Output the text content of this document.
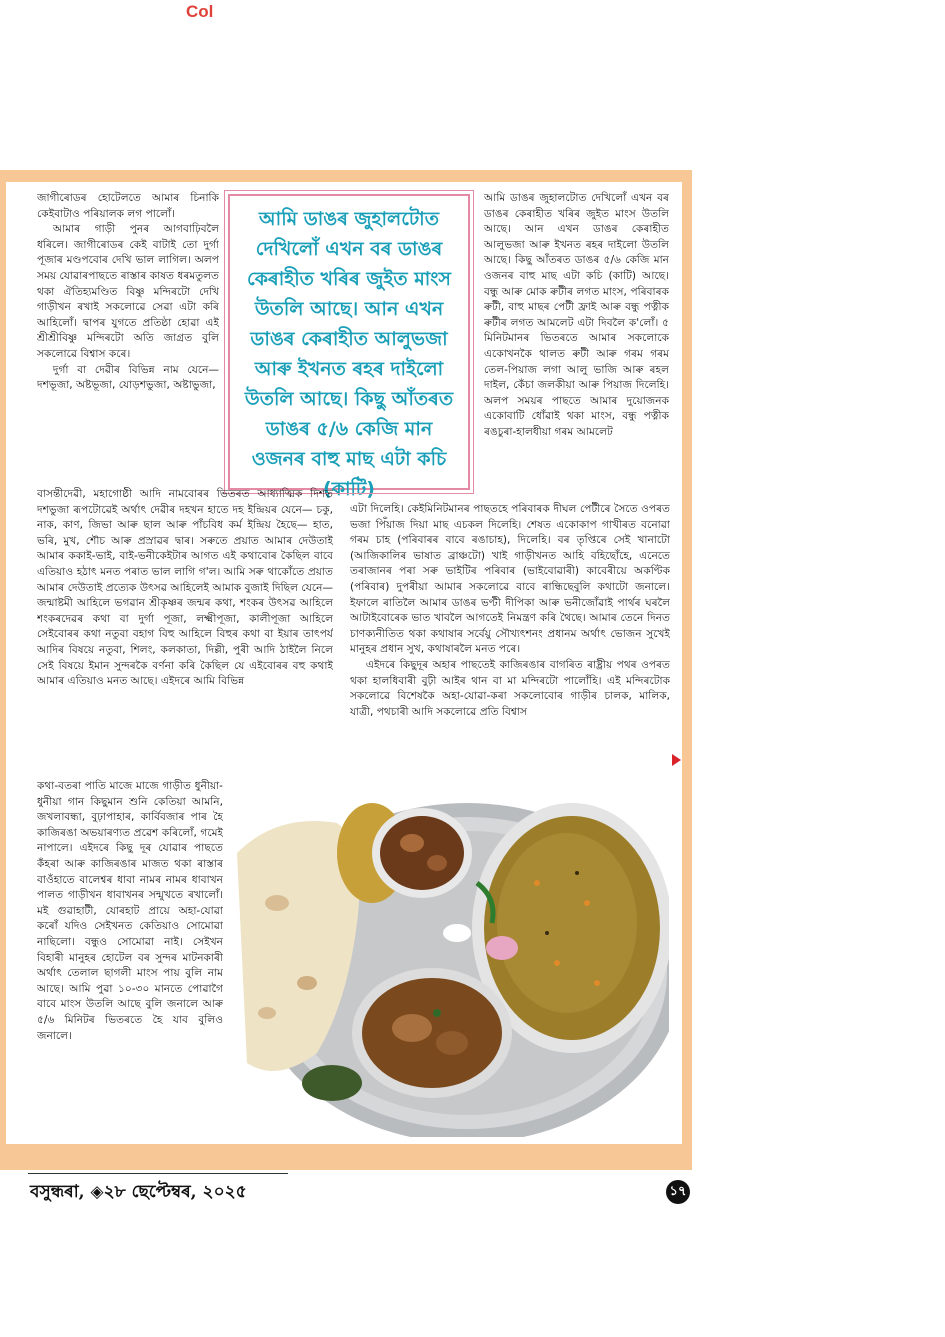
Col

জাগীৰোডৰ হোটেলতে আমাৰ চিনাকি কেইবাটাও পৰিয়ালক লগ পালোঁ।

আমাৰ গাড়ী পুনৰ আগবাঢ়িবলৈ ধৰিলে। জাগীৰোডৰ কেই বাটাই তো দুৰ্গা পূজাৰ মণ্ডপবোৰ দেখি ভাল লাগিল। অলপ সময় যোৱাৰপাছতে ৰাস্তাৰ কাষত ধৰমতুলত থকা ঐতিহ্যমণ্ডিত বিষ্ণু মন্দিৰটো দেখি গাড়ীখন ৰখাই সকলোৱে সেৱা এটা কৰি আহিলোঁ। দ্বাপৰ যুগতে প্ৰতিষ্ঠা হোৱা এই শ্ৰীশ্ৰীবিষ্ণু মন্দিৰটো অতি জাগ্ৰত বুলি সকলোৱে বিশ্বাস কৰে।

দুৰ্গা বা দেৱীৰ বিভিন্ন নাম যেনে— দশভূজা, অষ্টভূজা, যোড়শভুজা, অষ্টাভুজা,

আমি ডাঙৰ জুহালটোত দেখিলোঁ এখন বৰ ডাঙৰ কেৰাহীত খৰিৰ জুইত মাংস উতলি আছে। আন এখন ডাঙৰ কেৰাহীত আলুভজা আৰু ইখনত ৰহৰ দাইলো উতলি আছে। কিছু আঁতৰত ডাঙৰ ৫/৬ কেজি মান ওজনৰ বাহু মাছ এটা কচি (কাটি)

আমি ডাঙৰ জুহালটোত দেখিলোঁ এখন বৰ ডাঙৰ কেৰাহীত খৰিৰ জুইত মাংস উতলি আছে। আন এখন ডাঙৰ কেৰাহীত আলুভজা আৰু ইখনত ৰহৰ দাইলো উতলি আছে। কিছু আঁতৰত ডাঙৰ ৫/৬ কেজি মান ওজনৰ বাহু মাছ এটা কচি (কাটি) আছে। বন্ধু আৰু মোক ৰুটীৰ লগত মাংস, পৰিবাৰক ৰুটী, বাহু মাছৰ পেটী ফ্ৰাই আৰু বন্ধু পত্নীক ৰুটীৰ লগত আমলেট এটা দিবলৈ ক'লোঁ। ৫ মিনিটমানৰ ভিতৰতে আমাৰ সকলোকে একোখনকৈ থালত ৰুটী আৰু গৰম গৰম তেল-পিয়াজ লগা আলু ভাজি আৰু ৰহল দাইল, কেঁচা জলকীয়া আৰু পিয়াজ দিলেহি। অলপ সময়ৰ পাছতে আমাৰ দুয়োজনক একোবাটি ধোঁৱাই থকা মাংস, বন্ধু পত্নীক ৰঙচুৰা-হালধীয়া গৰম আমলেট

বাসন্তীদেৱী, মহাগোষ্ঠী আদি নামবোৰৰ ভিতৰত আধ্যাত্মিক দিশত দশভুজা ৰূপটোৱেই অৰ্থাৎ দেৱীৰ দহখন হাতে দহ ইন্দ্ৰিয়ৰ যেনে— চকু, নাক, কাণ, জিভা আৰু ছাল আৰু পাঁচবিধ কৰ্ম ইন্দ্ৰিয় হৈছে— হাত, ভৰি, মুখ, শৌচ আৰু প্ৰস্ৰাৱৰ দ্বাৰ। সৰুতে প্ৰয়াত আমাৰ দেউতাই আমাৰ ককাই-ভাই, বাই-ভনীকেইটাৰ আগত এই কথাবোৰ কৈছিল বাবে এতিয়াও হঠাৎ মনত পৰাত ভাল লাগি গ'ল। আমি সৰু থাকোঁতে প্ৰয়াত আমাৰ দেউতাই প্ৰত্যেক উৎসৱ আহিলেই আমাক বুজাই দিছিল যেনে— জন্মাষ্টমী আহিলে ভগৱান শ্ৰীকৃষ্ণৰ জন্মৰ কথা, শংকৰ উৎসৱ আহিলে শংকৰদেৱৰ কথা বা দুৰ্গা পূজা, লক্ষ্মীপূজা, কালীপূজা আহিলে সেইবোৰৰ কথা নতুবা বহাগ বিহু আহিলে বিহুৰ কথা বা ইয়াৰ তাৎপৰ্য আদিৰ বিষয়ে নতুবা, শিলং, কলকাতা, দিল্লী, পুৰী আদি ঠাইলৈ নিলে সেই বিষয়ে ইমান সুন্দৰকৈ বৰ্ণনা কৰি কৈছিল যে এইবোৰৰ বহু কথাই আমাৰ এতিয়াও মনত আছে। এইদৰে আমি বিভিন্ন

এটা দিলেহি। কেইমিনিটমানৰ পাছতহে পৰিবাৰক দীঘল পেটীৰে সৈতে ওপৰত ভজা পিঁয়াজ দিয়া মাছ এচকল দিলেহি। শেষত একোকাপ গাখীৰত বনোৱা গৰম চাহ (পৰিবাৰৰ বাবে ৰঙাচাহ), দিলেহি। বৰ তৃপ্তিৰে সেই খানাটো (আজিকালিৰ ভাষাত ব্ৰাঞ্চটো) খাই গাড়ীখনত আহি বহিছোঁহে, এনেতে তৰাজানৰ পৰা সৰু ভাইটিৰ পৰিবাৰ (ভাইবোৱাৰী) কাবেৰীয়ে অকণ্টিক (পৰিবাৰ) দুপৰীয়া আমাৰ সকলোৱে বাবে ৰান্ধিছেবুলি কথাটো জনালে। ইফালে ৰাতিলৈ আমাৰ ডাঙৰ ভণ্টী দীপিকা আৰু ভনীজোঁৱাই পাৰ্থৰ ঘৰলৈ আটাইবোৰেক ভাত খাবলৈ আগতেই নিমন্ত্ৰণ কৰি থৈছে। আমাৰ তেনে দিনত চাণক্যনীতিত থকা কথাষাৰ সৰ্বেয়ু সৌখ্যৎশনং প্ৰধানম অৰ্থাৎ ভোজন সুখেই মানুহৰ প্ৰধান সুখ, কথাষাৰলৈ মনত পৰে।

এইদৰে কিছুদূৰ অহাৰ পাছতেই কাজিৰঙাৰ বাগৰিত ৰাষ্ট্ৰীয় পথৰ ওপৰত থকা হালধিবাৰী বুঢ়ী আইৰ থান বা মা মন্দিৰটো পালোঁহি। এই মন্দিৰটোক সকলোৱে বিশেষকৈ অহা-যোৱা-কৰা সকলোবোৰ গাড়ীৰ চালক, মালিক, যাত্ৰী, পথচাৰী আদি সকলোৱে প্ৰতি বিশ্বাস

কথা-বতৰা পাতি মাজে মাজে গাড়ীত ধুনীয়া-ধুনীয়া গান কিছুমান শুনি কেতিয়া আমনি, জখলাবন্ধা, বুঢ়াপাহাৰ, কাৰ্বিবজাৰ পাৰ হৈ কাজিৰঙা অভয়াৰণ্যত প্ৰৱেশ কৰিলোঁ, গমেই নাপালে। এইদৰে কিছু দূৰ যোৱাৰ পাছতে কঁহৰা আৰু কাজিৰঙাৰ মাজত থকা ৰাস্তাৰ বাওঁহাতে বালেশ্বৰ ধাবা নামৰ নামৰ ধাবাখন পালত গাড়ীখন ধাবাখনৰ সন্মুখতে ৰখালোঁ। মই গুৱাহাটী, যোৰহাট প্ৰায়ে অহা-যোৱা কৰোঁ যদিও সেইখনত কেতিয়াও সোমোৱা নাছিলো। বন্ধুও সোমোৱা নাই। সেইখন বিহাৰী মানুহৰ হোটেল বৰ সুন্দৰ মাটনকাৰী অৰ্থাৎ তেলাল ছাগলী মাংস পায় বুলি নাম আছে। আমি পুৱা ১০-৩০ মানতে পোৱাগৈ বাবে মাংস উতলি আছে বুলি জনালে আৰু ৫/৬ মিনিটৰ ভিতৰতে হৈ যাব বুলিও জনালে।

বসুন্ধৰা, ◈২৮ ছেপ্টেম্বৰ, ২০২৫	১৭
